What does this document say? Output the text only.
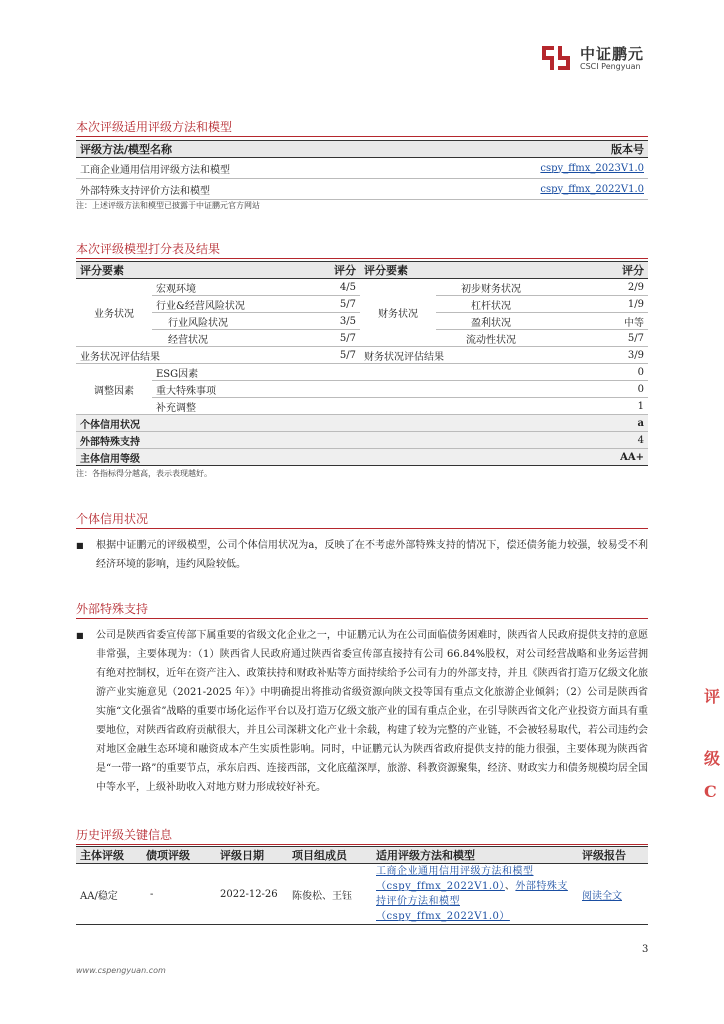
中证鹏元
CSCI Pengyuan
本次评级适用评级方法和模型
评级方法/模型名称	版本号
工商企业通用信用评级方法和模型	cspy_ffmx_2023V1.0
外部特殊支持评价方法和模型	cspy_ffmx_2022V1.0
注：上述评级方法和模型已披露于中证鹏元官方网站
本次评级模型打分表及结果
评分要素		评分	评分要素		评分
业务状况	宏观环境	4/5	财务状况	初步财务状况	2/9
	行业&经营风险状况	5/7		杠杆状况	1/9
	行业风险状况	3/5		盈利状况	中等
	经营状况	5/7		流动性状况	5/7
业务状况评估结果		5/7	财务状况评估结果		3/9
调整因素	ESG因素				0
	重大特殊事项				0
	补充调整				1
个体信用状况					a
外部特殊支持					4
主体信用等级					AA+
注：各指标得分越高，表示表现越好。
个体信用状况
■ 根据中证鹏元的评级模型，公司个体信用状况为a，反映了在不考虑外部特殊支持的情况下，偿还债务能力较强，较易受不利经济环境的影响，违约风险较低。
外部特殊支持
■ 公司是陕西省委宣传部下属重要的省级文化企业之一，中证鹏元认为在公司面临债务困难时，陕西省人民政府提供支持的意愿非常强，主要体现为：（1）陕西省人民政府通过陕西省委宣传部直接持有公司 66.84%股权，对公司经营战略和业务运营拥有绝对控制权，近年在资产注入、政策扶持和财政补贴等方面持续给予公司有力的外部支持，并且《陕西省打造万亿级文化旅游产业实施意见（2021-2025 年）》中明确提出将推动省级资源向陕文投等国有重点文化旅游企业倾斜；（2）公司是陕西省实施“文化强省”战略的重要市场化运作平台以及打造万亿级文旅产业的国有重点企业，在引导陕西省文化产业投资方面具有重要地位，对陕西省政府贡献很大，并且公司深耕文化产业十余载，构建了较为完整的产业链，不会被轻易取代，若公司违约会对地区金融生态环境和融资成本产生实质性影响。同时，中证鹏元认为陕西省政府提供支持的能力很强，主要体现为陕西省是“一带一路”的重要节点，承东启西、连接西部，文化底蕴深厚，旅游、科教资源聚集，经济、财政实力和债务规模均居全国中等水平，上级补助收入对地方财力形成较好补充。
历史评级关键信息
主体评级	债项评级	评级日期	项目组成员	适用评级方法和模型	评级报告
AA/稳定	-	2022-12-26	陈俊松、王钰	工商企业通用信用评级方法和模型（cspy_ffmx_2022V1.0）、外部特殊支持评价方法和模型（cspy_ffmx_2022V1.0）	阅读全文
3
www.cspengyuan.com
评
级
C
